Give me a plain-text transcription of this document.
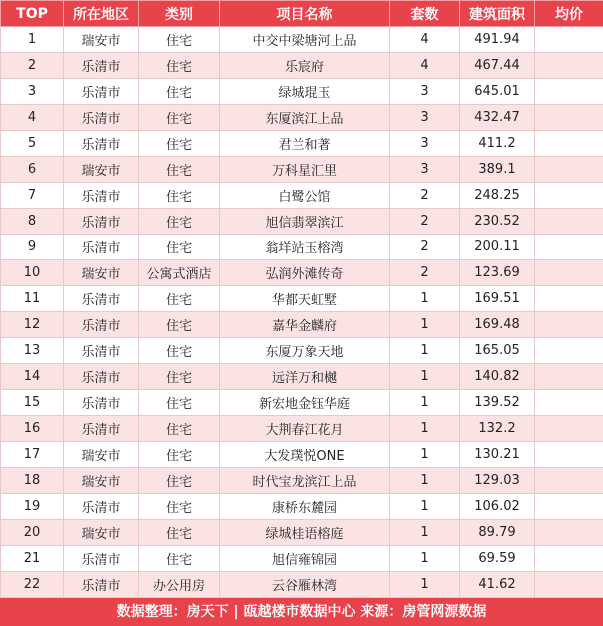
TOP	所在地区	类别	项目名称	套数	建筑面积	均价
1	瑞安市	住宅	中交中梁塘河上品	4	491.94	
2	乐清市	住宅	乐宸府	4	467.44	
3	乐清市	住宅	绿城琨玉	3	645.01	
4	乐清市	住宅	东厦滨江上品	3	432.47	
5	乐清市	住宅	君兰和著	3	411.2	
6	瑞安市	住宅	万科星汇里	3	389.1	
7	乐清市	住宅	白鹭公馆	2	248.25	
8	乐清市	住宅	旭信翡翠滨江	2	230.52	
9	乐清市	住宅	翁垟站玉榕湾	2	200.11	
10	瑞安市	公寓式酒店	弘润外滩传奇	2	123.69	
11	乐清市	住宅	华都天虹墅	1	169.51	
12	乐清市	住宅	嘉华金麟府	1	169.48	
13	乐清市	住宅	东厦万象天地	1	165.05	
14	乐清市	住宅	远洋万和樾	1	140.82	
15	乐清市	住宅	新宏地金钰华庭	1	139.52	
16	乐清市	住宅	大荆春江花月	1	132.2	
17	瑞安市	住宅	大发璞悦ONE	1	130.21	
18	瑞安市	住宅	时代宝龙滨江上品	1	129.03	
19	乐清市	住宅	康桥东麓园	1	106.02	
20	瑞安市	住宅	绿城桂语榕庭	1	89.79	
21	乐清市	住宅	旭信雍锦园	1	69.59	
22	乐清市	办公用房	云谷雁林湾	1	41.62	
数据整理：房天下 | 瓯越楼市数据中心 来源：房管网源数据
